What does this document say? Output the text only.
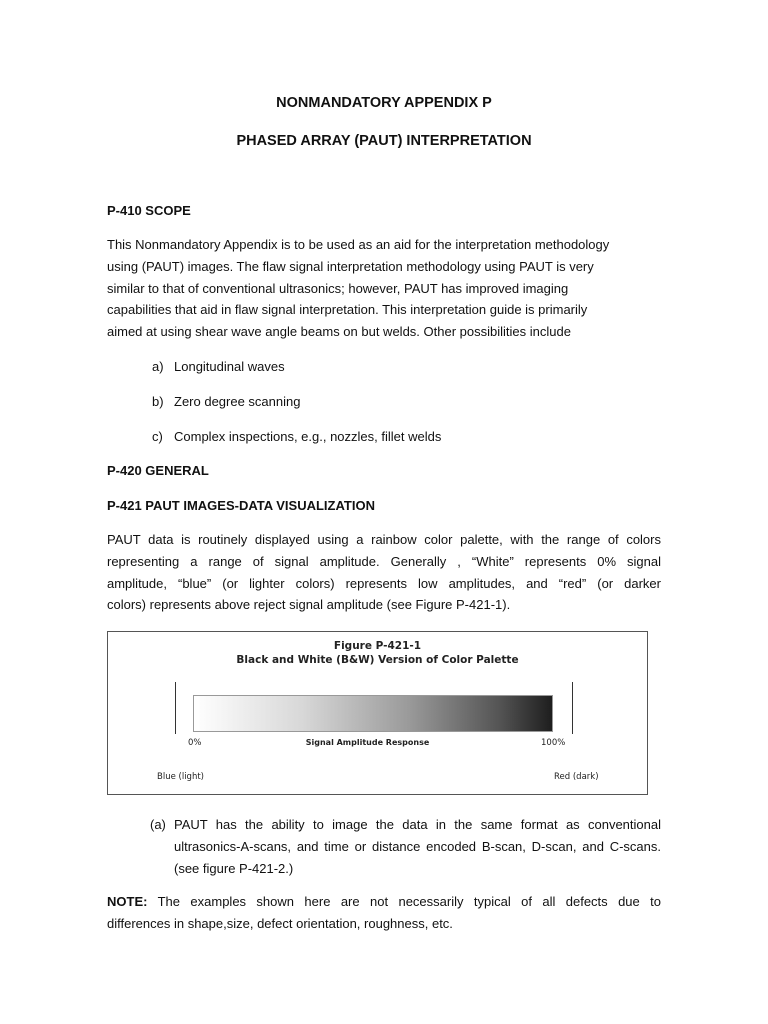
NONMANDATORY APPENDIX P
PHASED ARRAY (PAUT) INTERPRETATION
P-410 SCOPE
This Nonmandatory Appendix is to be used as an aid for the interpretation methodology
using (PAUT) images. The flaw signal interpretation methodology using PAUT is very
similar to that of conventional ultrasonics; however, PAUT has improved imaging
capabilities that aid in flaw signal interpretation. This interpretation guide is primarily
aimed at using shear wave angle beams on but welds. Other possibilities include
a) Longitudinal waves
b) Zero degree scanning
c) Complex inspections, e.g., nozzles, fillet welds
P-420 GENERAL
P-421 PAUT IMAGES-DATA VISUALIZATION
PAUT data is routinely displayed using a rainbow color palette, with the range of colors
representing a range of signal amplitude. Generally , “White” represents 0% signal
amplitude, “blue” (or lighter colors) represents low amplitudes, and “red” (or darker
colors) represents above reject signal amplitude (see Figure P-421-1).
Figure P-421-1
Black and White (B&W) Version of Color Palette
0%	Signal Amplitude Response	100%
Blue (light)	Red (dark)
(a) PAUT has the ability to image the data in the same format as conventional
ultrasonics-A-scans, and time or distance encoded B-scan, D-scan, and C-scans.
(see figure P-421-2.)
NOTE: The examples shown here are not necessarily typical of all defects due to
differences in shape,size, defect orientation, roughness, etc.
